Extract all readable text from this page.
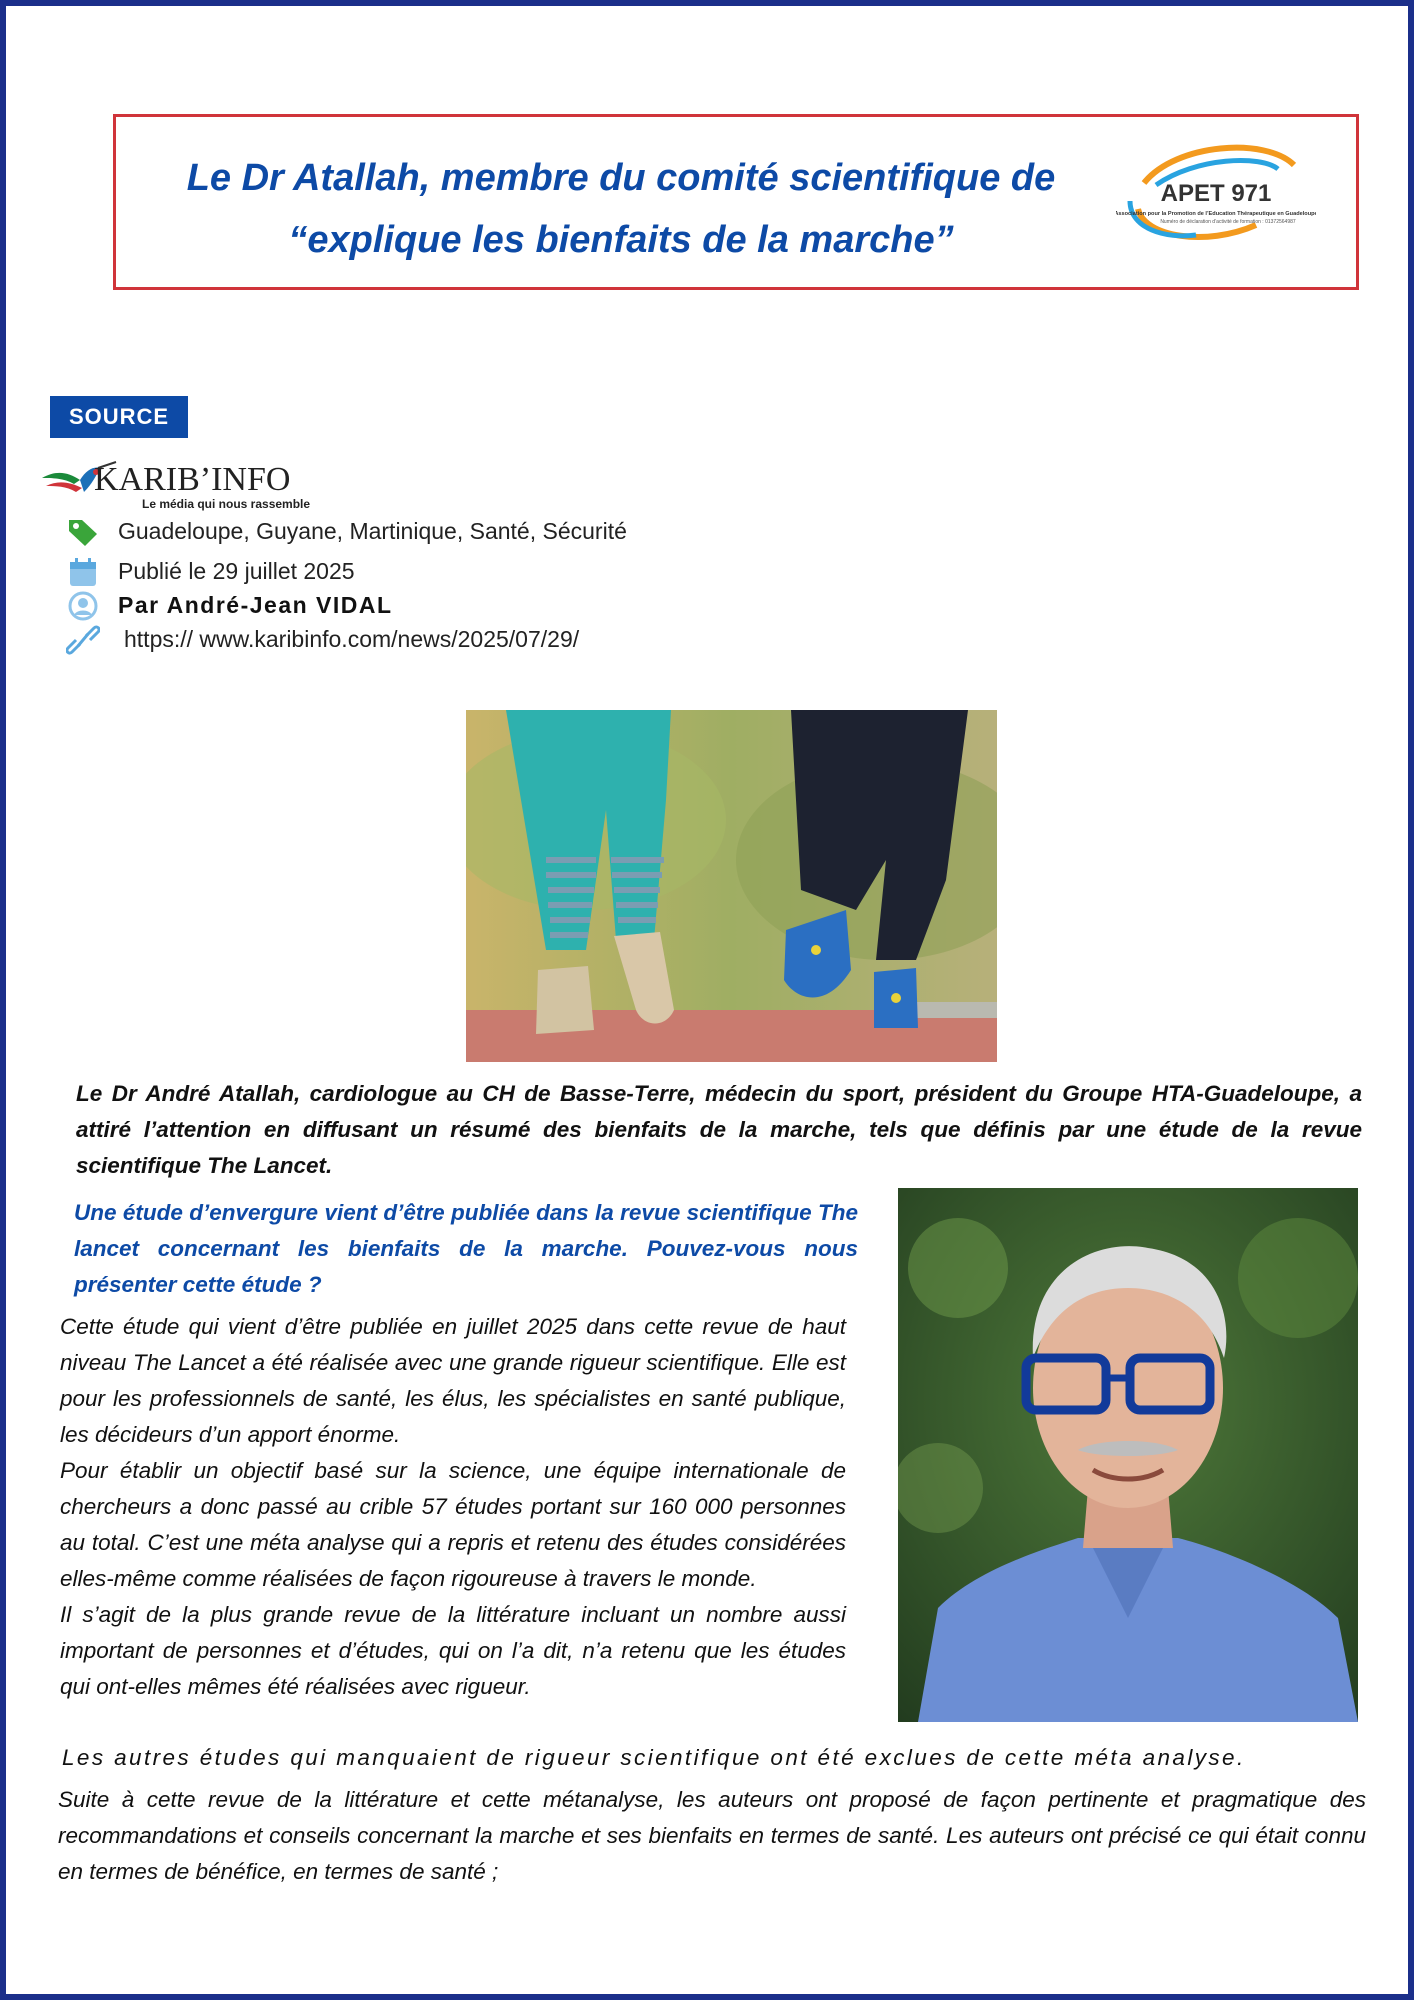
Le Dr Atallah, membre du comité scientifique de
“explique les bienfaits de la marche”
APET 971
Association pour la Promotion de l’Education Thérapeutique en Guadeloupe
Numéro de déclaration d’activité de formation : 01372564987
SOURCE
KARIB’INFO
Le média qui nous rassemble
Guadeloupe, Guyane, Martinique, Santé, Sécurité
Publié le 29 juillet 2025
Par André-Jean VIDAL
https:// www.karibinfo.com/news/2025/07/29/
Le Dr André Atallah, cardiologue au CH de Basse-Terre, médecin du sport, président du Groupe HTA-Guadeloupe, a attiré l’attention en diffusant un résumé des bienfaits de la marche, tels que définis par une étude de la revue scientifique The Lancet.
Une étude d’envergure vient d’être publiée dans la revue scientifique The lancet concernant les bienfaits de la marche. Pouvez-vous nous présenter cette étude ?

Cette étude qui vient d’être publiée en juillet 2025 dans cette revue de haut niveau The Lancet a été réalisée avec une grande rigueur scientifique. Elle est pour les professionnels de santé, les élus, les spécialistes en santé publique, les décideurs d’un apport énorme.

Pour établir un objectif basé sur la science, une équipe internationale de chercheurs a donc passé au crible 57 études portant sur 160 000 personnes au total. C’est une méta analyse qui a repris et retenu des études considérées elles-même comme réalisées de façon rigoureuse à travers le monde.

Il s’agit de la plus grande revue de la littérature incluant un nombre aussi important de personnes et d’études, qui on l’a dit, n’a retenu que les études qui ont-elles mêmes été réalisées avec rigueur.

Les autres études qui manquaient de rigueur scientifique ont été exclues de cette méta analyse.
Suite à cette revue de la littérature et cette métanalyse, les auteurs ont proposé de façon pertinente et pragmatique des recommandations et conseils concernant la marche et ses bienfaits en termes de santé. Les auteurs ont précisé ce qui était connu en termes de bénéfice, en termes de santé ;
